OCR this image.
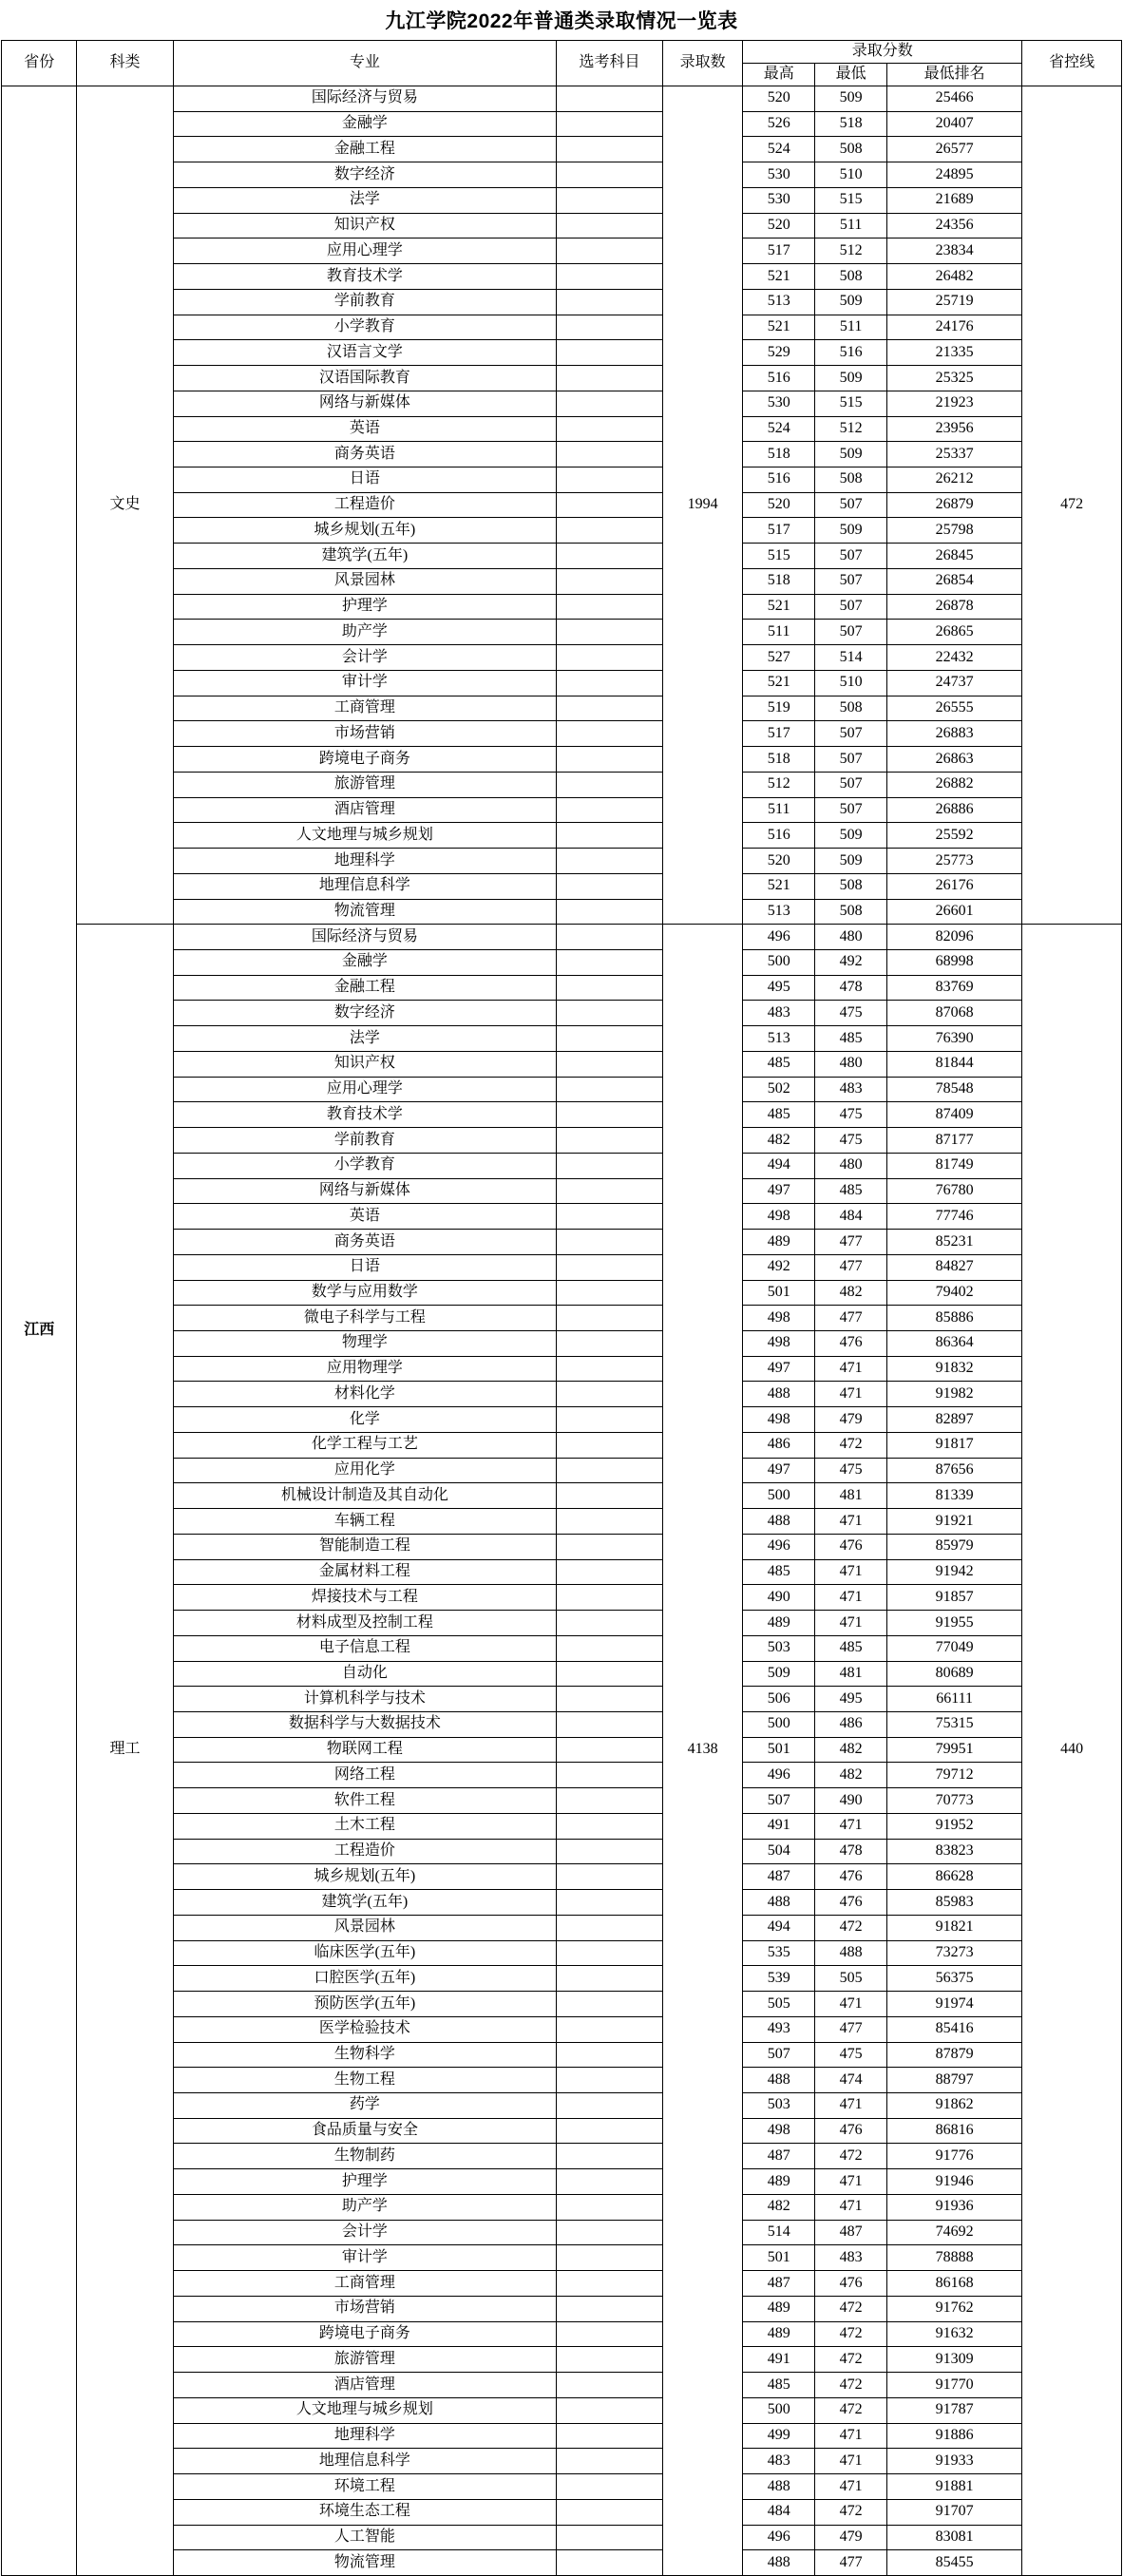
九江学院2022年普通类录取情况一览表
省份	科类	专业	选考科目	录取数	录取分数			省控线
					最高	最低	最低排名	
江西	文史	国际经济与贸易		1994	520	509	25466	472
		金融学			526	518	20407	
		金融工程			524	508	26577	
		数字经济			530	510	24895	
		法学			530	515	21689	
		知识产权			520	511	24356	
		应用心理学			517	512	23834	
		教育技术学			521	508	26482	
		学前教育			513	509	25719	
		小学教育			521	511	24176	
		汉语言文学			529	516	21335	
		汉语国际教育			516	509	25325	
		网络与新媒体			530	515	21923	
		英语			524	512	23956	
		商务英语			518	509	25337	
		日语			516	508	26212	
		工程造价			520	507	26879	
		城乡规划(五年)			517	509	25798	
		建筑学(五年)			515	507	26845	
		风景园林			518	507	26854	
		护理学			521	507	26878	
		助产学			511	507	26865	
		会计学			527	514	22432	
		审计学			521	510	24737	
		工商管理			519	508	26555	
		市场营销			517	507	26883	
		跨境电子商务			518	507	26863	
		旅游管理			512	507	26882	
		酒店管理			511	507	26886	
		人文地理与城乡规划			516	509	25592	
		地理科学			520	509	25773	
		地理信息科学			521	508	26176	
		物流管理			513	508	26601	
	理工	国际经济与贸易		4138	496	480	82096	440
		金融学			500	492	68998	
		金融工程			495	478	83769	
		数字经济			483	475	87068	
		法学			513	485	76390	
		知识产权			485	480	81844	
		应用心理学			502	483	78548	
		教育技术学			485	475	87409	
		学前教育			482	475	87177	
		小学教育			494	480	81749	
		网络与新媒体			497	485	76780	
		英语			498	484	77746	
		商务英语			489	477	85231	
		日语			492	477	84827	
		数学与应用数学			501	482	79402	
		微电子科学与工程			498	477	85886	
		物理学			498	476	86364	
		应用物理学			497	471	91832	
		材料化学			488	471	91982	
		化学			498	479	82897	
		化学工程与工艺			486	472	91817	
		应用化学			497	475	87656	
		机械设计制造及其自动化			500	481	81339	
		车辆工程			488	471	91921	
		智能制造工程			496	476	85979	
		金属材料工程			485	471	91942	
		焊接技术与工程			490	471	91857	
		材料成型及控制工程			489	471	91955	
		电子信息工程			503	485	77049	
		自动化			509	481	80689	
		计算机科学与技术			506	495	66111	
		数据科学与大数据技术			500	486	75315	
		物联网工程			501	482	79951	
		网络工程			496	482	79712	
		软件工程			507	490	70773	
		土木工程			491	471	91952	
		工程造价			504	478	83823	
		城乡规划(五年)			487	476	86628	
		建筑学(五年)			488	476	85983	
		风景园林			494	472	91821	
		临床医学(五年)			535	488	73273	
		口腔医学(五年)			539	505	56375	
		预防医学(五年)			505	471	91974	
		医学检验技术			493	477	85416	
		生物科学			507	475	87879	
		生物工程			488	474	88797	
		药学			503	471	91862	
		食品质量与安全			498	476	86816	
		生物制药			487	472	91776	
		护理学			489	471	91946	
		助产学			482	471	91936	
		会计学			514	487	74692	
		审计学			501	483	78888	
		工商管理			487	476	86168	
		市场营销			489	472	91762	
		跨境电子商务			489	472	91632	
		旅游管理			491	472	91309	
		酒店管理			485	472	91770	
		人文地理与城乡规划			500	472	91787	
		地理科学			499	471	91886	
		地理信息科学			483	471	91933	
		环境工程			488	471	91881	
		环境生态工程			484	472	91707	
		人工智能			496	479	83081	
		物流管理			488	477	85455	
